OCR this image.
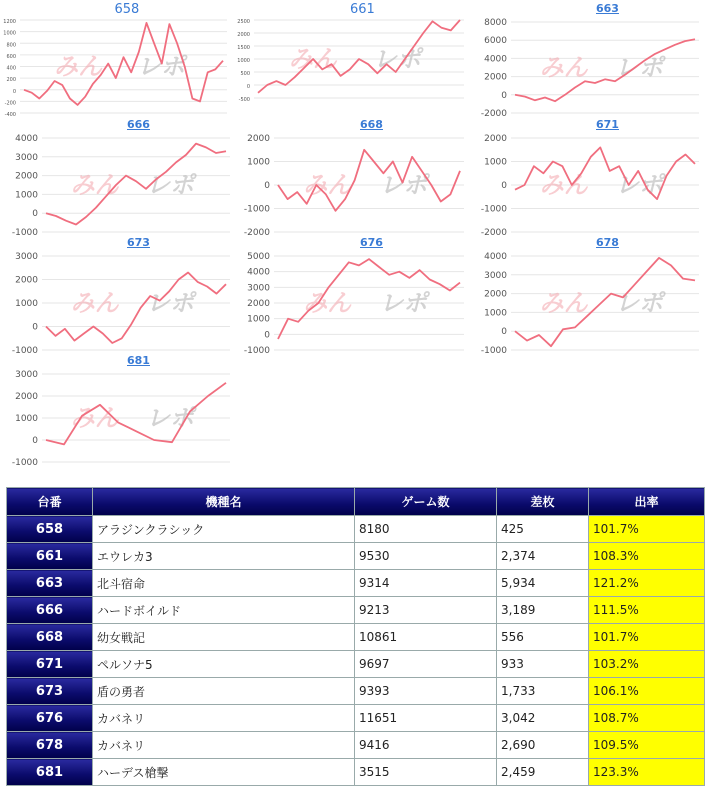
658
1200
1000
800
600
400
200
0
-200
-400
みん レポ
661
2500
2000
1500
1000
500
0
-500
みん レポ
663
8000
6000
4000
2000
0
-2000
みん レポ
666
4000
3000
2000
1000
0
-1000
みん レポ
668
2000
1000
0
-1000
-2000
みん レポ
671
2000
1000
0
-1000
-2000
みん レポ
673
3000
2000
1000
0
-1000
みん レポ
676
5000
4000
3000
2000
1000
0
-1000
みん レポ
678
4000
3000
2000
1000
0
-1000
みん レポ
681
3000
2000
1000
0
-1000
みん レポ
台番	機種名	ゲーム数	差枚	出率
658	アラジンクラシック	8180	425	101.7%
661	エウレカ3	9530	2,374	108.3%
663	北斗宿命	9314	5,934	121.2%
666	ハードボイルド	9213	3,189	111.5%
668	幼女戦記	10861	556	101.7%
671	ペルソナ5	9697	933	103.2%
673	盾の勇者	9393	1,733	106.1%
676	カバネリ	11651	3,042	108.7%
678	カバネリ	9416	2,690	109.5%
681	ハーデス槍撃	3515	2,459	123.3%
